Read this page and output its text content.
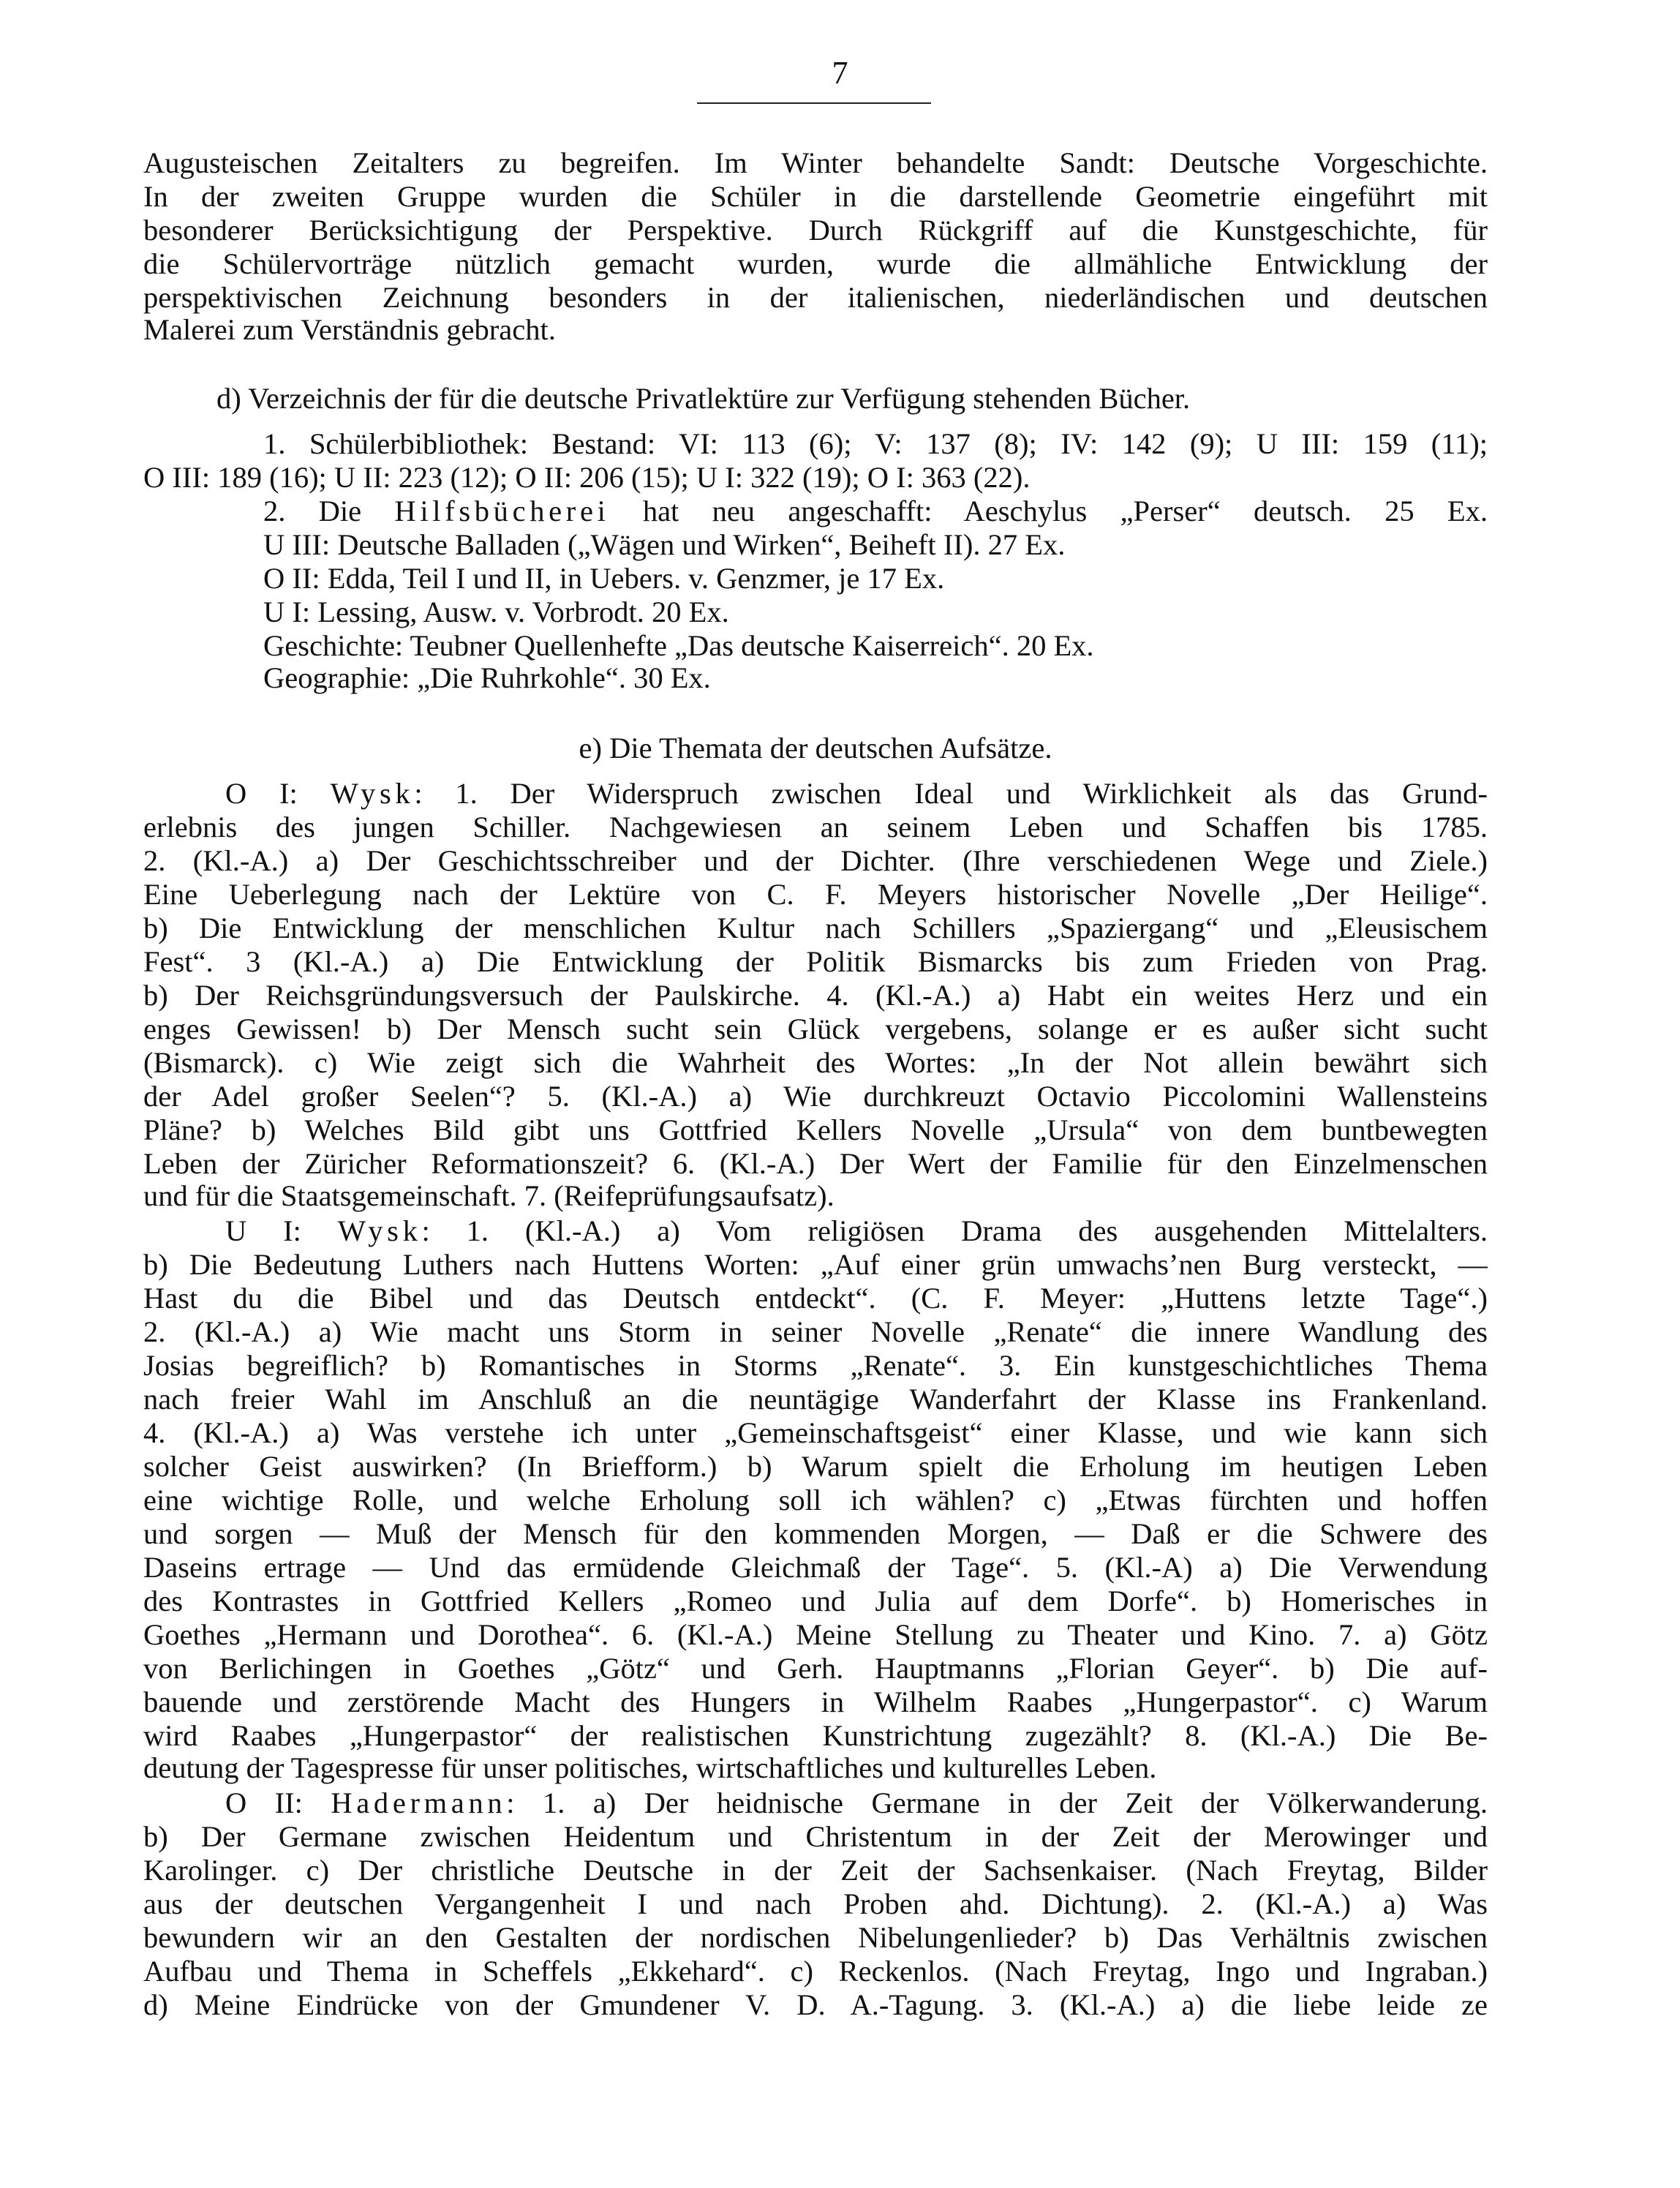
7
Augusteischen Zeitalters zu begreifen. Im Winter behandelte Sandt: Deutsche Vorgeschichte.
In der zweiten Gruppe wurden die Schüler in die darstellende Geometrie eingeführt mit
besonderer Berücksichtigung der Perspektive. Durch Rückgriff auf die Kunstgeschichte, für
die Schülervorträge nützlich gemacht wurden, wurde die allmähliche Entwicklung der
perspektivischen Zeichnung besonders in der italienischen, niederländischen und deutschen
Malerei zum Verständnis gebracht.
d) Verzeichnis der für die deutsche Privatlektüre zur Verfügung stehenden Bücher.
1. Schülerbibliothek: Bestand: VI: 113 (6); V: 137 (8); IV: 142 (9); U III: 159 (11);
O III: 189 (16); U II: 223 (12); O II: 206 (15); U I: 322 (19); O I: 363 (22).
2. Die Hilfsbücherei hat neu angeschafft: Aeschylus „Perser“ deutsch. 25 Ex.
U III: Deutsche Balladen („Wägen und Wirken“, Beiheft II). 27 Ex.
O II: Edda, Teil I und II, in Uebers. v. Genzmer, je 17 Ex.
U I: Lessing, Ausw. v. Vorbrodt. 20 Ex.
Geschichte: Teubner Quellenhefte „Das deutsche Kaiserreich“. 20 Ex.
Geographie: „Die Ruhrkohle“. 30 Ex.
e) Die Themata der deutschen Aufsätze.
O I: Wysk: 1. Der Widerspruch zwischen Ideal und Wirklichkeit als das Grund-
erlebnis des jungen Schiller. Nachgewiesen an seinem Leben und Schaffen bis 1785.
2. (Kl.-A.) a) Der Geschichtsschreiber und der Dichter. (Ihre verschiedenen Wege und Ziele.)
Eine Ueberlegung nach der Lektüre von C. F. Meyers historischer Novelle „Der Heilige“.
b) Die Entwicklung der menschlichen Kultur nach Schillers „Spaziergang“ und „Eleusischem
Fest“. 3 (Kl.-A.) a) Die Entwicklung der Politik Bismarcks bis zum Frieden von Prag.
b) Der Reichsgründungsversuch der Paulskirche. 4. (Kl.-A.) a) Habt ein weites Herz und ein
enges Gewissen! b) Der Mensch sucht sein Glück vergebens, solange er es außer sicht sucht
(Bismarck). c) Wie zeigt sich die Wahrheit des Wortes: „In der Not allein bewährt sich
der Adel großer Seelen“? 5. (Kl.-A.) a) Wie durchkreuzt Octavio Piccolomini Wallensteins
Pläne? b) Welches Bild gibt uns Gottfried Kellers Novelle „Ursula“ von dem buntbewegten
Leben der Züricher Reformationszeit? 6. (Kl.-A.) Der Wert der Familie für den Einzelmenschen
und für die Staatsgemeinschaft. 7. (Reifeprüfungsaufsatz).
U I: Wysk: 1. (Kl.-A.) a) Vom religiösen Drama des ausgehenden Mittelalters.
b) Die Bedeutung Luthers nach Huttens Worten: „Auf einer grün umwachs’nen Burg versteckt, —
Hast du die Bibel und das Deutsch entdeckt“. (C. F. Meyer: „Huttens letzte Tage“.)
2. (Kl.-A.) a) Wie macht uns Storm in seiner Novelle „Renate“ die innere Wandlung des
Josias begreiflich? b) Romantisches in Storms „Renate“. 3. Ein kunstgeschichtliches Thema
nach freier Wahl im Anschluß an die neuntägige Wanderfahrt der Klasse ins Frankenland.
4. (Kl.-A.) a) Was verstehe ich unter „Gemeinschaftsgeist“ einer Klasse, und wie kann sich
solcher Geist auswirken? (In Briefform.) b) Warum spielt die Erholung im heutigen Leben
eine wichtige Rolle, und welche Erholung soll ich wählen? c) „Etwas fürchten und hoffen
und sorgen — Muß der Mensch für den kommenden Morgen, — Daß er die Schwere des
Daseins ertrage — Und das ermüdende Gleichmaß der Tage“. 5. (Kl.-A) a) Die Verwendung
des Kontrastes in Gottfried Kellers „Romeo und Julia auf dem Dorfe“. b) Homerisches in
Goethes „Hermann und Dorothea“. 6. (Kl.-A.) Meine Stellung zu Theater und Kino. 7. a) Götz
von Berlichingen in Goethes „Götz“ und Gerh. Hauptmanns „Florian Geyer“. b) Die auf-
bauende und zerstörende Macht des Hungers in Wilhelm Raabes „Hungerpastor“. c) Warum
wird Raabes „Hungerpastor“ der realistischen Kunstrichtung zugezählt? 8. (Kl.-A.) Die Be-
deutung der Tagespresse für unser politisches, wirtschaftliches und kulturelles Leben.
O II: Hadermann: 1. a) Der heidnische Germane in der Zeit der Völkerwanderung.
b) Der Germane zwischen Heidentum und Christentum in der Zeit der Merowinger und
Karolinger. c) Der christliche Deutsche in der Zeit der Sachsenkaiser. (Nach Freytag, Bilder
aus der deutschen Vergangenheit I und nach Proben ahd. Dichtung). 2. (Kl.-A.) a) Was
bewundern wir an den Gestalten der nordischen Nibelungenlieder? b) Das Verhältnis zwischen
Aufbau und Thema in Scheffels „Ekkehard“. c) Reckenlos. (Nach Freytag, Ingo und Ingraban.)
d) Meine Eindrücke von der Gmundener V. D. A.-Tagung. 3. (Kl.-A.) a) die liebe leide ze
